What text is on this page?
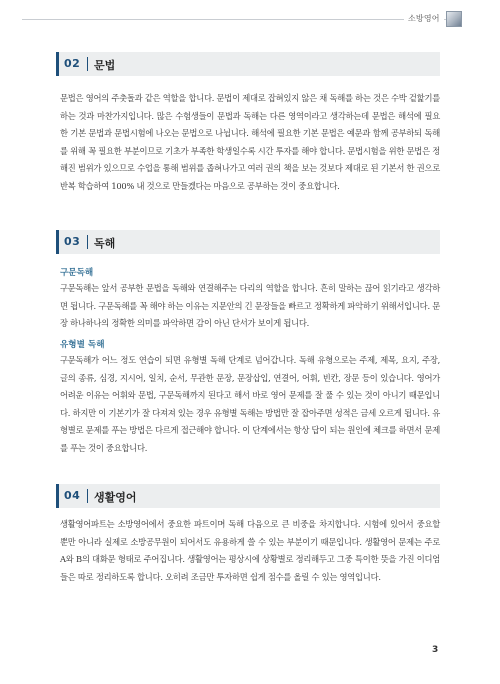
소방영어
02 문법

문법은 영어의 주춧돌과 같은 역할을 합니다. 문법이 제대로 잡혀있지 않은 채 독해를 하는 것은 수박 겉핥기를 하는 것과 마찬가지입니다. 많은 수험생들이 문법과 독해는 다른 영역이라고 생각하는데 문법은 해석에 필요한 기본 문법과 문법시험에 나오는 문법으로 나뉩니다. 해석에 필요한 기본 문법은 예문과 함께 공부하되 독해를 위해 꼭 필요한 부분이므로 기초가 부족한 학생일수록 시간 투자를 해야 합니다. 문법시험을 위한 문법은 정해진 범위가 있으므로 수업을 통해 범위를 좁혀나가고 여러 권의 책을 보는 것보다 제대로 된 기본서 한 권으로 반복 학습하여 100% 내 것으로 만들겠다는 마음으로 공부하는 것이 중요합니다.

03 독해
구문독해

구문독해는 앞서 공부한 문법을 독해와 연결해주는 다리의 역할을 합니다. 흔히 말하는 끊어 읽기라고 생각하면 됩니다. 구문독해를 꼭 해야 하는 이유는 지문안의 긴 문장들을 빠르고 정확하게 파악하기 위해서입니다. 문장 하나하나의 정확한 의미를 파악하면 감이 아닌 단서가 보이게 됩니다.

유형별 독해

구문독해가 어느 정도 연습이 되면 유형별 독해 단계로 넘어갑니다. 독해 유형으로는 주제, 제목, 요지, 주장, 글의 종류, 심경, 지시어, 일치, 순서, 무관한 문장, 문장삽입, 연결어, 어휘, 빈칸, 장문 등이 있습니다. 영어가 어려운 이유는 어휘와 문법, 구문독해까지 된다고 해서 바로 영어 문제를 잘 풀 수 있는 것이 아니기 때문입니다. 하지만 이 기본기가 잘 다져져 있는 경우 유형별 독해는 방법만 잘 잡아주면 성적은 금세 오르게 됩니다. 유형별로 문제를 푸는 방법은 다르게 접근해야 합니다. 이 단계에서는 항상 답이 되는 원인에 체크를 하면서 문제를 푸는 것이 중요합니다.

04 생활영어

생활영어파트는 소방영어에서 중요한 파트이며 독해 다음으로 큰 비중을 차지합니다. 시험에 있어서 중요할 뿐만 아니라 실제로 소방공무원이 되어서도 유용하게 쓸 수 있는 부분이기 때문입니다. 생활영어 문제는 주로 A와 B의 대화문 형태로 주어집니다. 생활영어는 평상시에 상황별로 정리해두고 그중 특이한 뜻을 가진 이디엄들은 따로 정리하도록 합니다. 오히려 조금만 투자하면 쉽게 점수를 올릴 수 있는 영역입니다.

3
